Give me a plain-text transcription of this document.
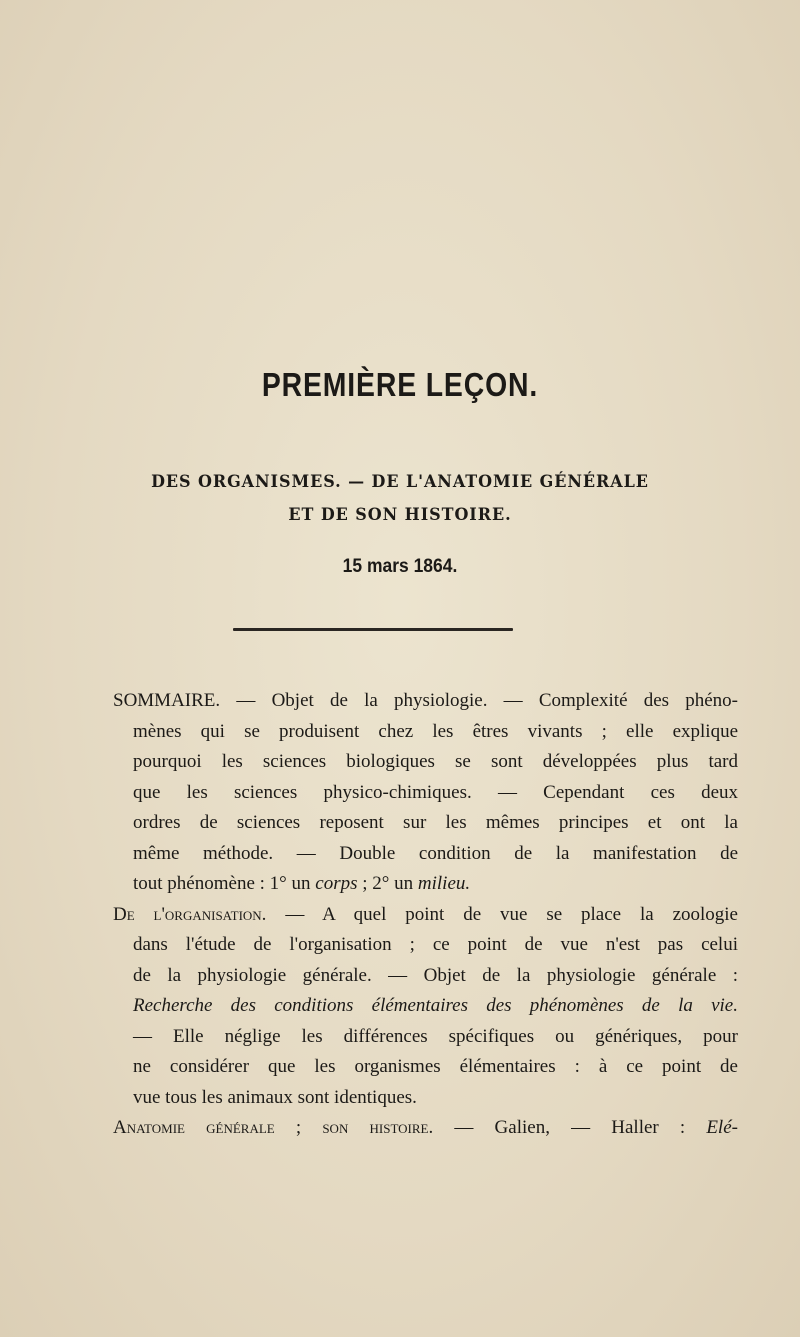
PREMIÈRE LEÇON.
DES ORGANISMES. — DE L'ANATOMIE GÉNÉRALE
ET DE SON HISTOIRE.
15 mars 1864.
SOMMAIRE. — Objet de la physiologie. — Complexité des phéno-
mènes qui se produisent chez les êtres vivants ; elle explique
pourquoi les sciences biologiques se sont développées plus tard
que les sciences physico-chimiques. — Cependant ces deux
ordres de sciences reposent sur les mêmes principes et ont la
même méthode. — Double condition de la manifestation de
tout phénomène : 1° un corps ; 2° un milieu.
De l'organisation. — A quel point de vue se place la zoologie
dans l'étude de l'organisation ; ce point de vue n'est pas celui
de la physiologie générale. — Objet de la physiologie générale :
Recherche des conditions élémentaires des phénomènes de la vie.
— Elle néglige les différences spécifiques ou génériques, pour
ne considérer que les organismes élémentaires : à ce point de
vue tous les animaux sont identiques.
Anatomie générale ; son histoire. — Galien, — Haller : Elé-
